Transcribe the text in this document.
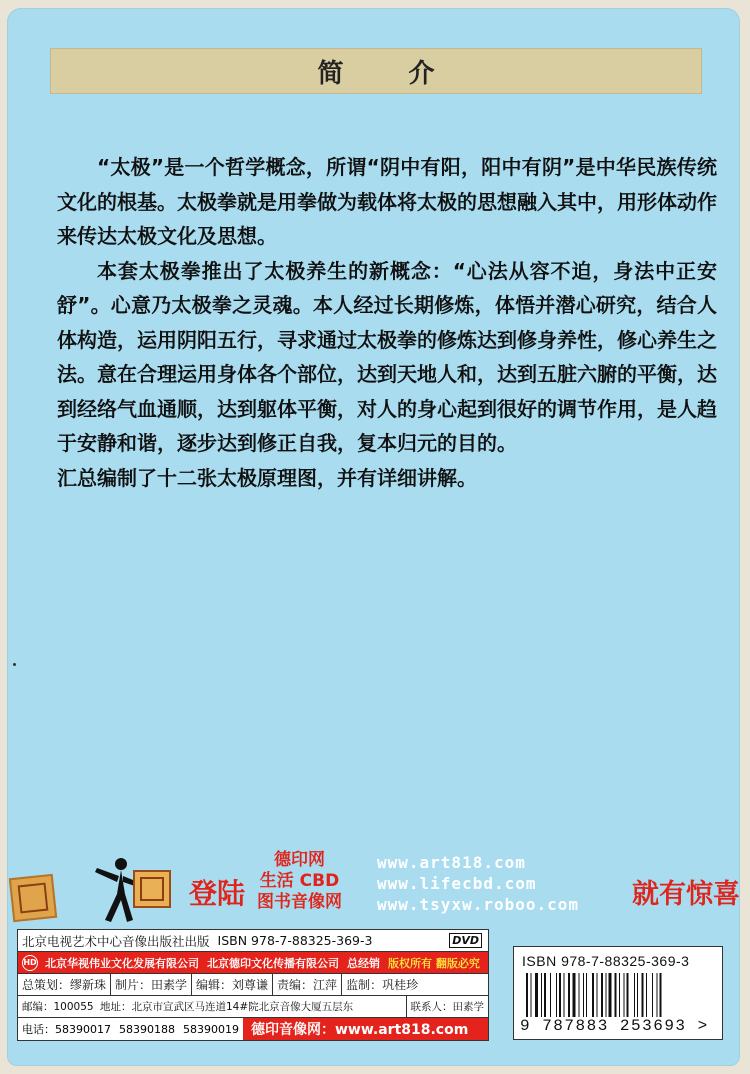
简 介

“太极”是一个哲学概念，所谓“阴中有阳，阳中有阴”是中华民族传统文化的根基。太极拳就是用拳做为载体将太极的思想融入其中，用形体动作来传达太极文化及思想。

本套太极拳推出了太极养生的新概念：“心法从容不迫，身法中正安舒”。心意乃太极拳之灵魂。本人经过长期修炼，体悟并潜心研究，结合人体构造，运用阴阳五行，寻求通过太极拳的修炼达到修身养性，修心养生之法。意在合理运用身体各个部位，达到天地人和，达到五脏六腑的平衡，达到经络气血通顺，达到躯体平衡，对人的身心起到很好的调节作用，是人趋于安静和谐，逐步达到修正自我，复本归元的目的。

汇总编制了十二张太极原理图，并有详细讲解。

登陆
德印网
生活 CBD
图书音像网
www.art818.com
www.lifecbd.com
www.tsyxw.roboo.com 就有惊喜
北京电视艺术中心音像出版社出版 ISBN 978-7-88325-369-3	DVD
HD 北京华视伟业文化发展有限公司 北京德印文化传播有限公司 总经销 版权所有 翻版必究
总策划：缪新珠 制片：田素学 编辑：刘尊谦 责编：江萍 监制：巩桂珍
邮编：100055 地址：北京市宣武区马连道14#院北京音像大厦五层东	联系人：田素学
电话：58390017 58390188 58390019 德印音像网：www.art818.com
ISBN 978-7-88325-369-3
9 787883 253693 >
